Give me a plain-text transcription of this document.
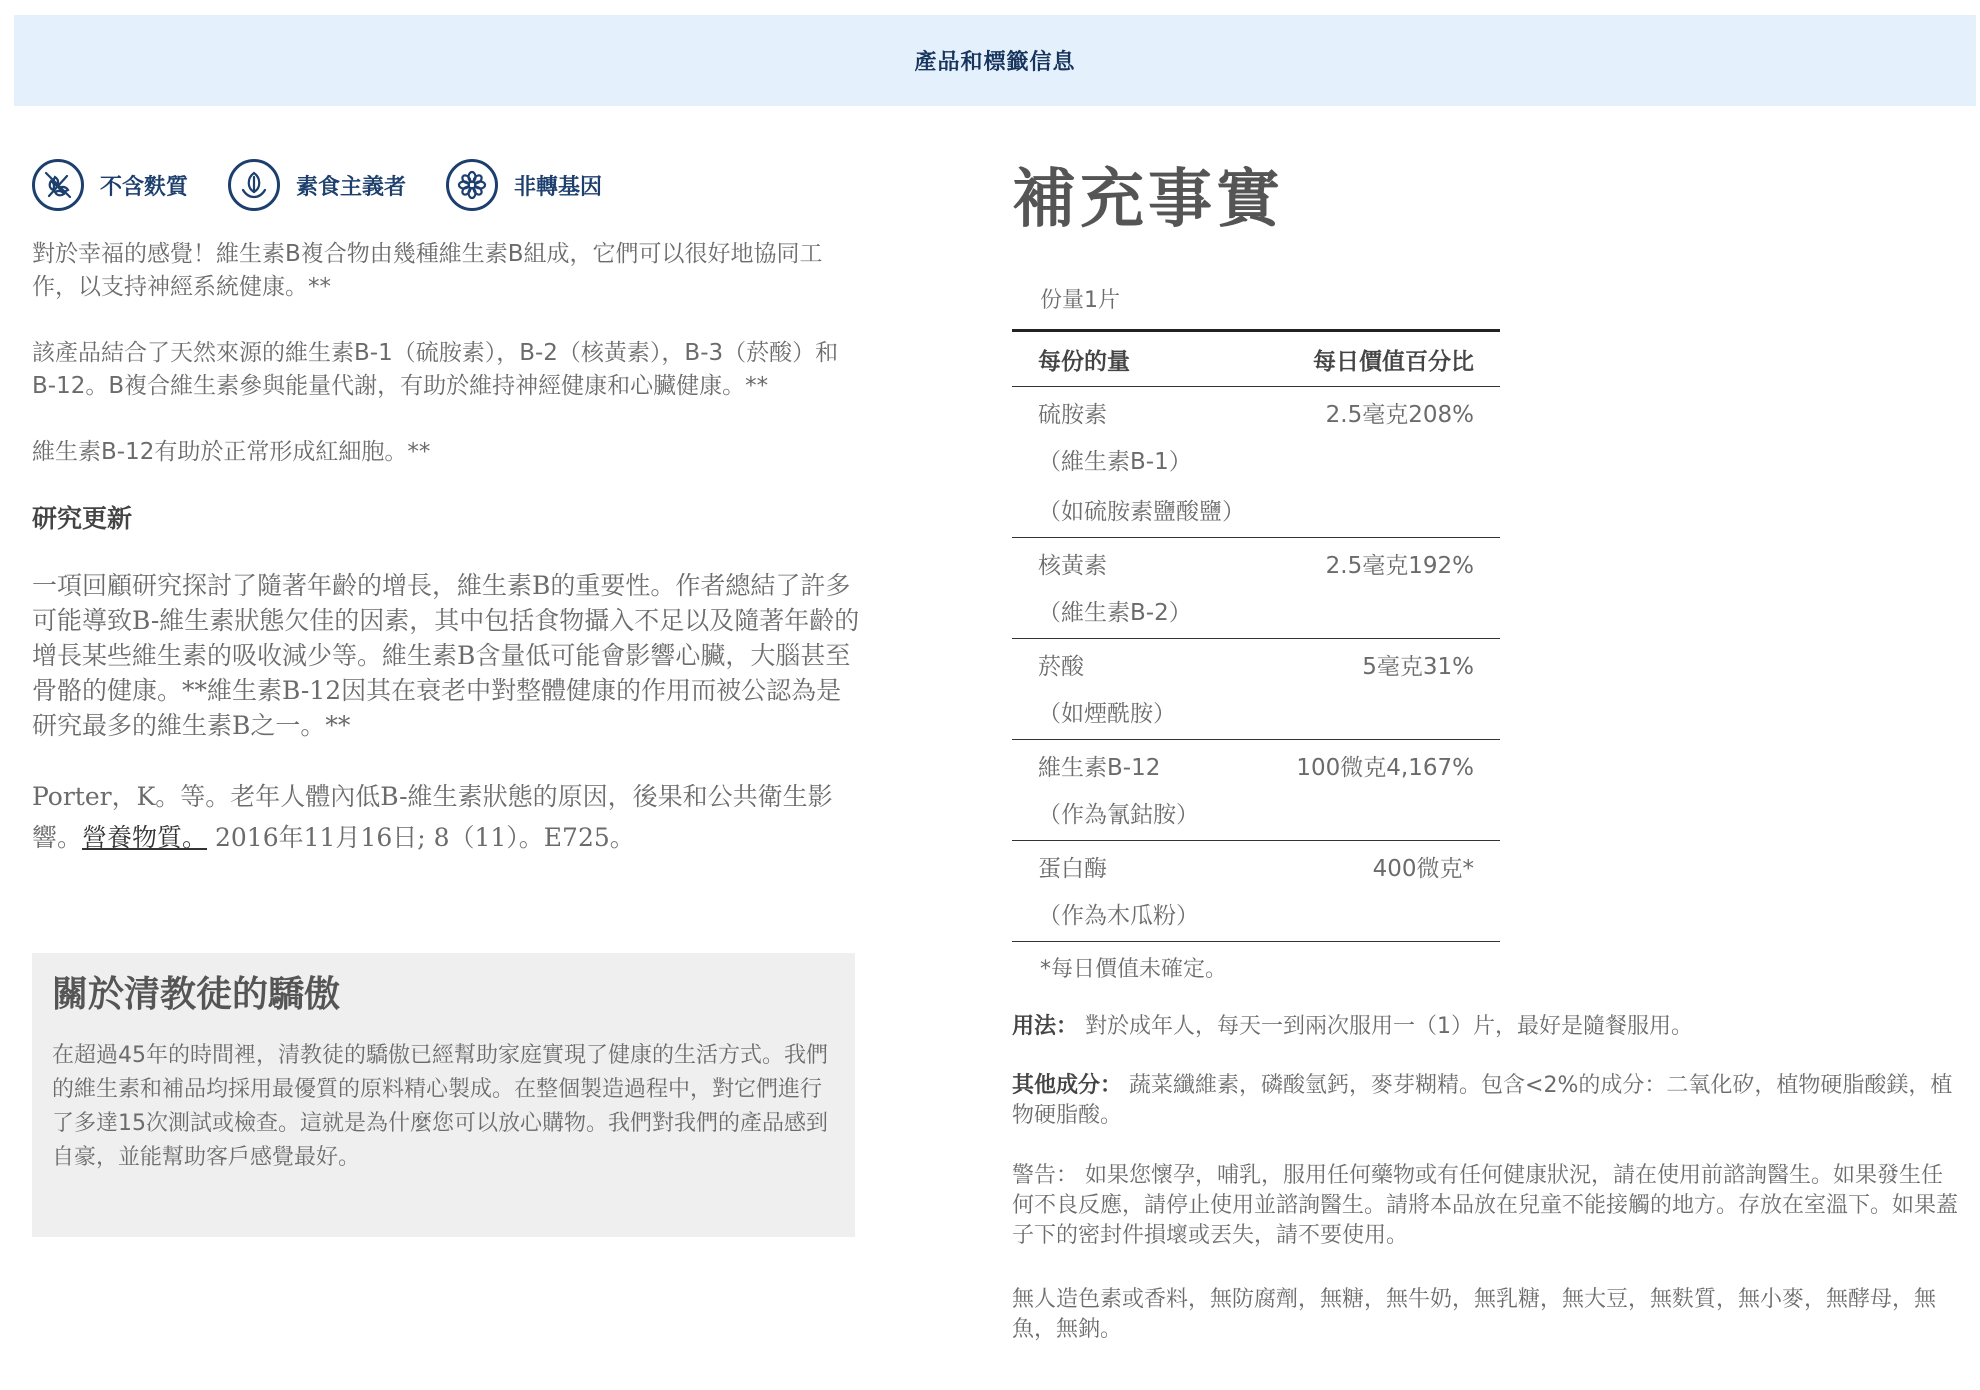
產品和標籤信息
不含麩質	素食主義者	非轉基因

對於幸福的感覺！維生素B複合物由幾種維生素B組成，它們可以很好地協同工作，以支持神經系統健康。**

該產品結合了天然來源的維生素B-1（硫胺素），B-2（核黃素），B-3（菸酸）和B-12。B複合維生素參與能量代謝，有助於維持神經健康和心臟健康。**

維生素B-12有助於正常形成紅細胞。**

研究更新

一項回顧研究探討了隨著年齡的增長，維生素B的重要性。作者總結了許多可能導致B-維生素狀態欠佳的因素，其中包括食物攝入不足以及隨著年齡的增長某些維生素的吸收減少等。維生素B含量低可能會影響心臟，大腦甚至骨骼的健康。**維生素B-12因其在衰老中對整體健康的作用而被公認為是研究最多的維生素B之一。**

Porter，K。等。老年人體內低B-維生素狀態的原因，後果和公共衛生影響。營養物質。 2016年11月16日; 8（11）。E725。

關於清教徒的驕傲
在超過45年的時間裡，清教徒的驕傲已經幫助家庭實現了健康的生活方式。我們的維生素和補品均採用最優質的原料精心製成。在整個製造過程中，對它們進行了多達15次測試或檢查。這就是為什麼您可以放心購物。我們對我們的產品感到自豪，並能幫助客戶感覺最好。
補充事實
份量1片
每份的量	每日價值百分比
硫胺素	2.5毫克208%
（維生素B-1）
（如硫胺素鹽酸鹽）
核黃素	2.5毫克192%
（維生素B-2）
菸酸	5毫克31%
（如煙酰胺）
維生素B-12	100微克4,167%
（作為氰鈷胺）
蛋白酶	400微克*
（作為木瓜粉）
*每日價值未確定。

用法： 對於成年人，每天一到兩次服用一（1）片，最好是隨餐服用。

其他成分： 蔬菜纖維素，磷酸氫鈣，麥芽糊精。包含<2%的成分：二氧化矽，植物硬脂酸鎂，植物硬脂酸。

警告： 如果您懷孕，哺乳，服用任何藥物或有任何健康狀況，請在使用前諮詢醫生。如果發生任何不良反應，請停止使用並諮詢醫生。請將本品放在兒童不能接觸的地方。存放在室溫下。如果蓋子下的密封件損壞或丟失，請不要使用。

無人造色素或香料，無防腐劑，無糖，無牛奶，無乳糖，無大豆，無麩質，無小麥，無酵母，無魚，無鈉。
